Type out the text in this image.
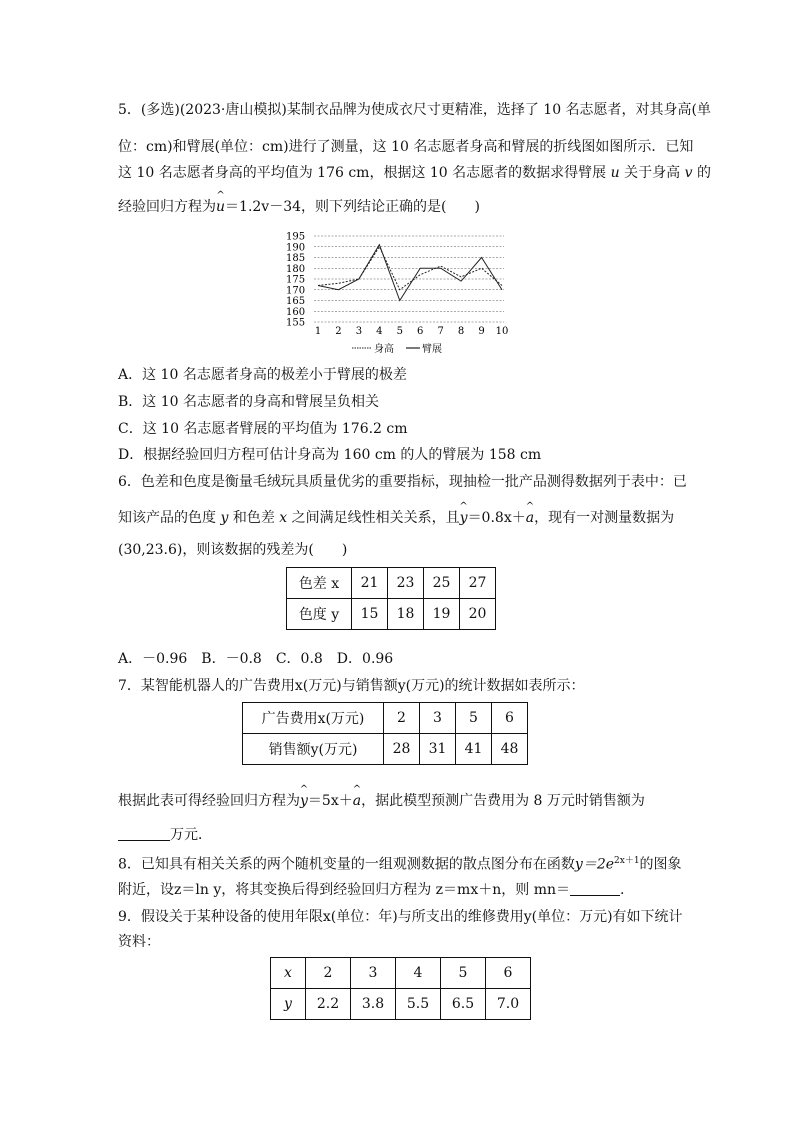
5．(多选)(2023·唐山模拟)某制衣品牌为使成衣尺寸更精准，选择了 10 名志愿者，对其身高(单
位：cm)和臂展(单位：cm)进行了测量，这 10 名志愿者身高和臂展的折线图如图所示．已知
这 10 名志愿者身高的平均值为 176 cm，根据这 10 名志愿者的数据求得臂展 u 关于身高 v 的
经验回归方程为^ u＝1.2v－34，则下列结论正确的是(　　)
195
190
185
180
175
170
165
160
155
1 2 3 4 5 6 7 8 9 10
身高	臂展
A．这 10 名志愿者身高的极差小于臂展的极差
B．这 10 名志愿者的身高和臂展呈负相关
C．这 10 名志愿者臂展的平均值为 176.2 cm
D．根据经验回归方程可估计身高为 160 cm 的人的臂展为 158 cm
6．色差和色度是衡量毛绒玩具质量优劣的重要指标，现抽检一批产品测得数据列于表中：已
知该产品的色度 y 和色差 x 之间满足线性相关关系，且^ y＝0.8x＋^ a，现有一对测量数据为
(30,23.6)，则该数据的残差为(　　)
色差 x	21	23	25	27
色度 y	15	18	19	20
A．－0.96　B．－0.8　C．0.8　D．0.96
7．某智能机器人的广告费用x(万元)与销售额y(万元)的统计数据如表所示：
广告费用x(万元)	2	3	5	6
销售额y(万元)	28	31	41	48
根据此表可得经验回归方程为^ y＝5x＋^ a，据此模型预测广告费用为 8 万元时销售额为
万元．
8．已知具有相关关系的两个随机变量的一组观测数据的散点图分布在函数$y=2e^{2x+1}$的图象
附近，设z＝ln y，将其变换后得到经验回归方程为 z＝mx＋n，则 mn＝	.
9．假设关于某种设备的使用年限x(单位：年)与所支出的维修费用y(单位：万元)有如下统计
资料：
x	2	3	4	5	6
y	2.2	3.8	5.5	6.5	7.0
